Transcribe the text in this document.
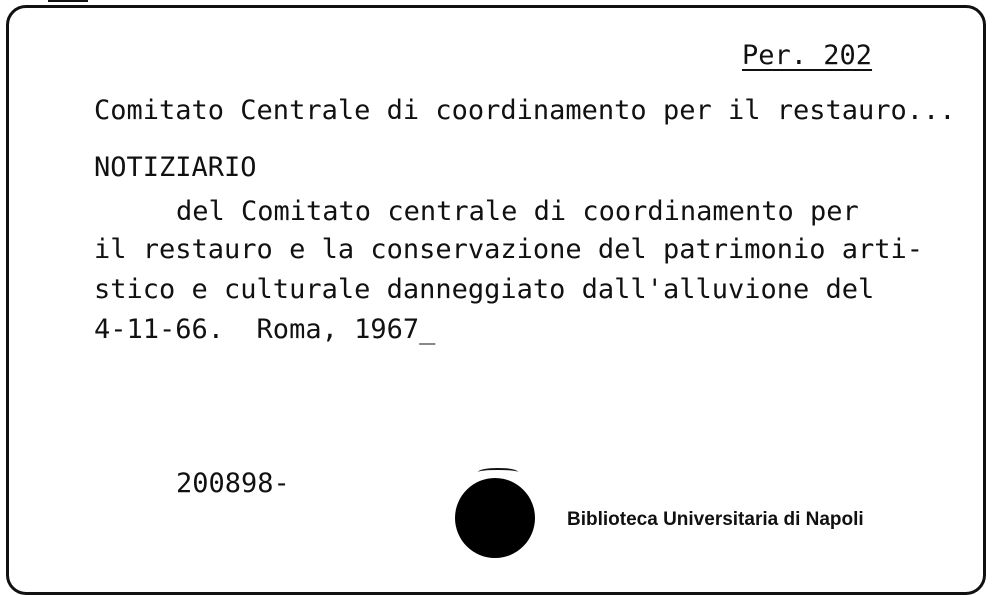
Per. 202
Comitato Centrale di coordinamento per il restauro...
NOTIZIARIO
del Comitato centrale di coordinamento per
il restauro e la conservazione del patrimonio arti-
stico e culturale danneggiato dall'alluvione del
4-11-66.  Roma, 1967_
200898-
Biblioteca Universitaria di Napoli
